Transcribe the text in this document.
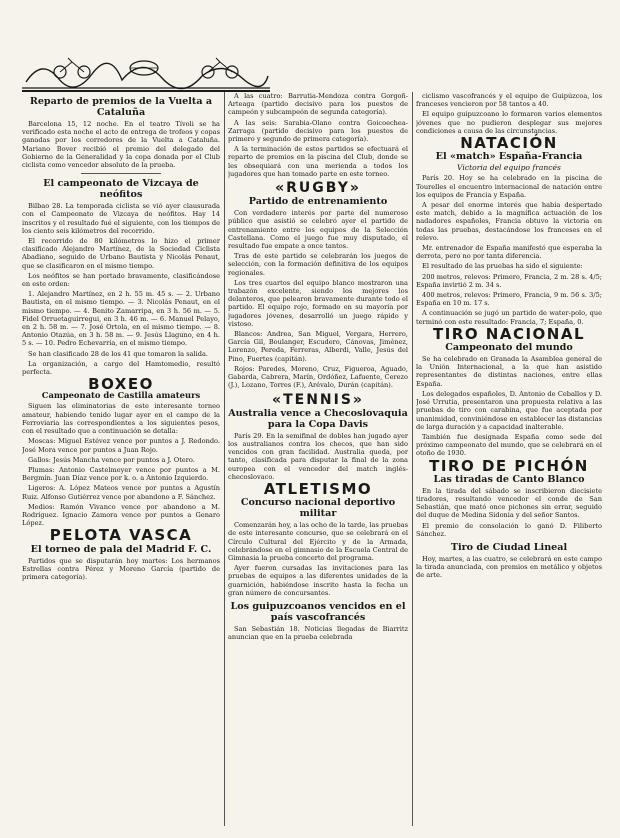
Reparto de premios de la Vuelta a Cataluña

Barcelona 15, 12 noche. En el teatro Tívoli se ha verificado esta noche el acto de entrega de trofeos y copas ganadas por los corredores de la Vuelta a Cataluña. Mariano Bover recibió el premio del delegado del Gobierno de la Generalidad y la copa donada por el Club ciclista como vencedor absoluto de la prueba.

El campeonato de Vizcaya de neófitos

Bilbao 28. La temporada ciclista se vió ayer clausurada con el Campeonato de Vizcaya de neófitos. Hay 14 inscritos y el resultado fué el siguiente, con los tiempos de los ciento seis kilómetros del recorrido.

El recorrido de 80 kilómetros lo hizo el primer clasificado Alejandro Martínez, de la Sociedad Ciclista Abadiano, seguido de Urbano Bautista y Nicolás Penaut, que se clasificaron en el mismo tiempo.

Los neófitos se han portado bravamente, clasificándose en este orden:

1. Alejandro Martínez, en 2 h. 55 m. 45 s. — 2. Urbano Bautista, en el mismo tiempo. — 3. Nicolás Penaut, en el mismo tiempo. — 4. Benito Zamarripa, en 3 h. 56 m. — 5. Fidel Orruetaguirregui, en 3 h. 46 m. — 6. Manuel Pelayo, en 2 h. 58 m. — 7. José Ortola, en el mismo tiempo. — 8. Antonio Otazúa, en 3 h. 58 m. — 9. Jesús Llaguno, en 4 h. 5 s. — 10. Pedro Echevarría, en el mismo tiempo.

Se han clasificado 28 de los 41 que tomaron la salida.

La organización, a cargo del Hamtomedio, resultó perfecta.

BOXEO
Campeonato de Castilla amateurs

Siguen las eliminatorias de este interesante torneo amateur, habiendo tenido lugar ayer en el campo de la Ferroviaria las correspondientes a los siguientes pesos, con el resultado que a continuación se detalla:

Moscas: Miguel Estévez vence por puntos a J. Redondo. José Mora vence por puntos a Juan Rojo.

Gallos: Jesús Mancha vence por puntos a J. Otero.

Plumas: Antonio Castelmeyer vence por puntos a M. Bergmín. Juan Díaz vence por k. o. a Antonio Izquierdo.

Ligeros: A. López Mateos vence por puntos a Agustín Ruiz. Alfonso Gutiérrez vence por abandono a F. Sánchez.

Medios: Ramón Vivanco vence por abandono a M. Rodríguez. Ignacio Zamora vence por puntos a Genaro López.

PELOTA VASCA
El torneo de pala del Madrid F. C.

Partidos que se disputarán hoy martes: Los hermanos Estrellas contra Pérez y Moreno García (partido de primera categoría).

A las cuatro: Barrutia-Mendoza contra Gorgoñ-Arteaga (partido decisivo para los puestos de campeón y subcampeón de segunda categoría).

A las seis: Sarabia-Olano contra Goicoechea-Zarraga (partido decisivo para los puestos de primero y segundo de primera categoría).

A la terminación de estos partidos se efectuará el reparto de premios en la piscina del Club, donde se les obsequiará con una merienda a todos los jugadores que han tomado parte en este torneo.

«RUGBY»
Partido de entrenamiento

Con verdadero interés por parte del numeroso público que asistió se celebró ayer el partido de entrenamiento entre los equipos de la Selección Castellana. Como el juego fue muy disputado, el resultado fue empate a once tantos.

Tras de este partido se celebrarán los juegos de selección, con la formación definitiva de los equipos regionales.

Los tres cuartos del equipo blanco mostraron una trabazón excelente, siendo los mejores los delanteros, que pelearon bravamente durante todo el partido. El equipo rojo, formado en su mayoría por jugadores jóvenes, desarrolló un juego rápido y vistoso.

Blancos: Andrea, San Miguel, Vergara, Herrero, García Gil, Boulanger, Escudero, Cánovas, Jiménez, Lorenzo, Pereda, Ferreras, Alberdi, Valle, Jesús del Pino, Fuertes (capitán).

Rojos: Paredes, Moreno, Cruz, Figueroa, Aguado, Gabarda, Cabrera, Marín, Ordóñez, Lafuente, Cerezo (J.), Lozano, Torres (F.), Arévalo, Durán (capitán).

«TENNIS»
Australia vence a Checoslovaquia para la Copa Davis

París 29. En la semifinal de dobles han jugado ayer los australianos contra los checos, que han sido vencidos con gran facilidad. Australia queda, por tanto, clasificada para disputar la final de la zona europea con el vencedor del match inglés-checoslovaco.

ATLETISMO
Concurso nacional deportivo militar

Comenzarán hoy, a las ocho de la tarde, las pruebas de este interesante concurso, que se celebrará en el Círculo Cultural del Ejército y de la Armada, celebrándose en el gimnasio de la Escuela Central de Gimnasia la prueba concerto del programa.

Ayer fueron cursadas las invitaciones para las pruebas de equipos a las diferentes unidades de la guarnición, habiéndose inscrito hasta la fecha un gran número de concursantes.

Los guipuzcoanos vencidos en el país vascofrancés

San Sebastián 18. Noticias llegadas de Biarritz anuncian que en la prueba celebrada

ciclismo vascofrancés y el equipo de Guipúzcoa, los franceses vencieron por 58 tantos a 40.

El equipo guipuzcoano lo formaron varios elementos jóvenes que no pudieron desplegar sus mejores condiciones a causa de las circunstancias.

NATACIÓN
El «match» España-Francia
Victoria del equipo francés

París 20. Hoy se ha celebrado en la piscina de Tourelles el encuentro internacional de natación entre los equipos de Francia y España.

A pesar del enorme interés que había despertado este match, debido a la magnífica actuación de los nadadores españoles, Francia obtuvo la victoria en todas las pruebas, destacándose los franceses en el relevo.

Mr. entrenador de España manifestó que esperaba la derrota, pero no por tanta diferencia.

El resultado de las pruebas ha sido el siguiente:

200 metros, relevos: Primero, Francia, 2 m. 28 s. 4/5; España invirtió 2 m. 34 s.

400 metros, relevos: Primero, Francia, 9 m. 56 s. 3/5; España en 10 m. 17 s.

A continuación se jugó un partido de water-polo, que terminó con este resultado: Francia, 7; España, 0.

TIRO NACIONAL
Campeonato del mundo

Se ha celebrado en Granada la Asamblea general de la Unión Internacional, a la que han asistido representantes de distintas naciones, entre ellas España.

Los delegados españoles, D. Antonio de Ceballos y D. José Urrutia, presentaron una propuesta relativa a las pruebas de tiro con carabina, que fue aceptada por unanimidad, conviniéndose en establecer las distancias de larga duración y a capacidad inalterable.

También fue designada España como sede del próximo campeonato del mundo, que se celebrará en el otoño de 1930.

TIRO DE PICHÓN
Las tiradas de Canto Blanco

En la tirada del sábado se inscribieron diecisiete tiradores, resultando vencedor el conde de San Sebastián, que mató once pichones sin errar, seguido del duque de Medina Sidonia y del señor Santos.

El premio de consolación lo ganó D. Filiberto Sánchez.

Tiro de Ciudad Lineal

Hoy, martes, a las cuatro, se celebrará en este campo la tirada anunciada, con premios en metálico y objetos de arte.
